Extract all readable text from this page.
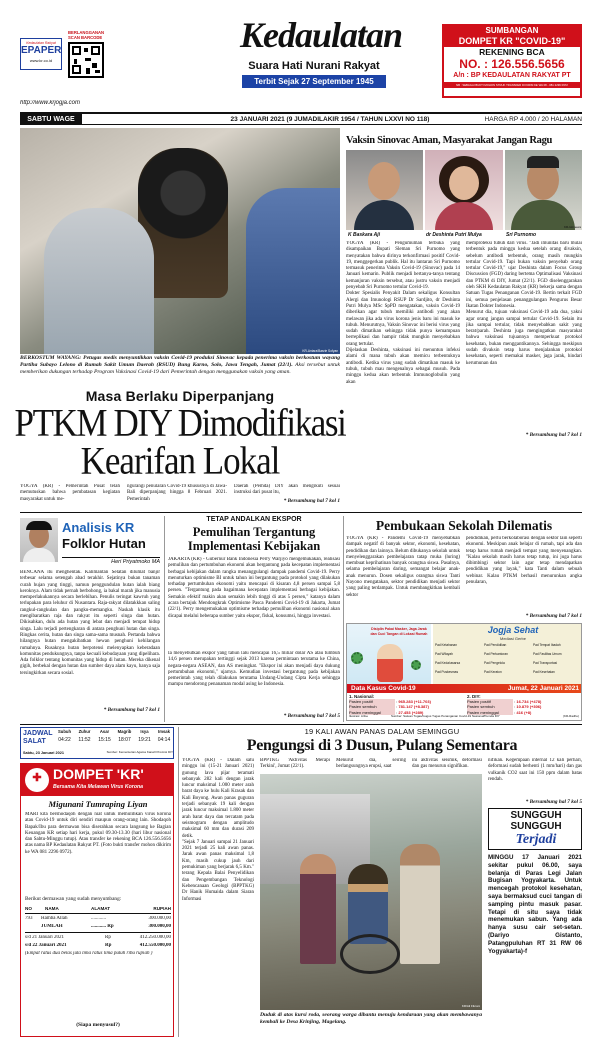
Kedaulatan Rakyat
EPAPER
www.kr.co.id
BERLANGGANAN SCAN BARCODE	Kedaulatan
Suara Hati Nurani Rakyat
Terbit Sejak 27 September 1945
http://www.krjogja.com
SUMBANGAN
DOMPET KR "COVID-19"
REKENING BCA
NO. : 126.556.5656
A/n : BP KEDAULATAN RAKYAT PT
NB : SEBAGAI BUKTI MOHON STRUK TRANSFER DI KIRIM KE WA 08 - 081 2296 0972
SABTU WAGE	23 JANUARI 2021 (9 JUMADILAKIR 1954 / TAHUN LXXVI NO 118)	HARGA RP 4.000 / 20 HALAMAN
KR-Antara/Basrie Sofyan
BERKOSTUM WAYANG: Petugas medis menyuntikkan vaksin Covid-19 produksi Sinovac kepada penerima vaksin berkostum wayang Partiha Subayo Lelono di Rumah Sakit Umum Daerah (RSUD) Bung Karno, Solo, Jawa Tengah, Jumat (22/1). Aksi tersebut untuk memberikan dukungan terhadap Program Vaksinasi Covid-19 dari Pemerintah dengan menggunakan vaksin yang aman.
Vaksin Sinovac Aman, Masyarakat Jangan Ragu
KR-Istimewa
K Baskara Aji	dr Deshinta Putri Mulya	Sri Purnomo
YOGYA (KR) - Pengumuman terbuka yang disampaikan Bupati Sleman Sri Purnomo yang menyatakan bahwa dirinya terkonfirmasi positif Covid-19, menggegerkan publik. Hal itu lantaran Sri Purnomo termasuk penerima Vaksin Covid-19 (Sinovac) pada 14 Januari kemarin. Publik menjadi bertanya-tanya tentang kemanjuran vaksin tersebut, atau justru vaksin menjadi penyebab Sri Purnomo tertular Covid-19.
Dokter Spesialis Penyakit Dalam sekaligus Konsultan Alergi dan Imunologi RSUP Dr Sardjito, dr Deshinta Putri Mulya MSc SpPD mengatakan, vaksin Covid-19 diberikan agar tubuh memiliki antibodi yang akan melawan jika ada virus korona jenis baru ini masuk ke tubuh. Menurutnya, Vaksin Sinovac ini berisi virus yang sudah dimatikan sehingga tidak punya kemampuan berreplikasi dan hampir tidak mungkin menyebabkan orang tertular.
Dijelaskan Deshinta, vaksinasi ini menuntun infeksi alami di mana tubuh akan memicu terbentuknya antibodi. Ketika virus yang sudah dimatikan masuk ke tubuh, tubuh mau mengenalnya sebagai musuh. Pada minggu kedua akan terbentuk Immunoglobulin yang akan
memproteksi tubuh dari virus. "Jadi imunitas baru mulai terbentuk pada minggu kedua setelah orang divaksin, sebelum antibodi terbentuk, orang masih mungkin tertular Covid-19. Tapi bukan vaksin penyebab orang tertular Covid-19," ujar Deshinta dalam Focus Group Discussion (FGD) daring bertema Optimalisasi Vaksinasi dan PTKM di DIY, Jumat (22/1). FGD diselenggarakan oleh SKH Kedaulatan Rakyat (KR) bekerja sama dengan Satuan Tugas Penanganan Covid-19. Bertin terkait FGD ini, semua penjelasan penanggulangan Pengurus Besar Ikatan Dokter Indonesia.
Menurut dia, tujuan vaksinasi Covid-19 ada dua, yakni agar orang jangan sampai tertular Covid-19. Selain itu jika sampai tertular, tidak menyebabkan sakit yang berat/parah. Deshinta juga mengingatkan masyarakat bahwa vaksinasi tujuannya memperkuat protokol kesehatan, bukan menggantikannya. Sehingga meskipun sudah divaksin tetap harus menjalankan protokol kesehatan, seperti memakai masker, jaga jarak, hindari kerumunan dan
* Bersambung hal 7 kol 1
Masa Berlaku Diperpanjang
PTKM DIY Dimodifikasi
Kearifan Lokal
YOGYA (KR) - Pemerintah Pusat telah memutuskan bahwa pembatasan kegiatan masyarakat untuk me-
ngurangi penularan Covid-19 khususnya di Jawa-Bali diperpanjang hingga 8 Februari 2021. Pemerintah
Daerah (Pemda) DIY akan mengikuti sesuai instruksi dari pusat itu,
* Bersambung hal 7 kol 1
Analisis KR
Folklor Hutan
Heri Priyatmoko MA
BENCANA itu menghentak. Kalimantan Selatan dilumat banjir terbesar selama setengah abad terakhir. Sejatinya bukan tanaman curah hujan yang tinggi, namun penggundulan hutan ialah biang keroknya. Alam tidak pernah berbohong, ia bakal marah jika manusia memperlakukannya secara berlebihan. Penulis teringat kawruh yang terlupakan para leluhur di Nusantara. Raja-rakyat dilatakkkan saling rangkul-rangkulan dan pangku-memangku. Naskah klasik itu mengibaratkan raja dan rakyat itu seperti singa dan hutan. Dikisahkan, dulu ada hutan yang lebat dan menjadi tempat hidup singa. Lalu terjadi pertengkaran di antara penghuni hutan dan singa. Ringkas cerita, hutan dan singa sama-sama musnah. Pertanda bahwa hilangnya hutan mengakibatkan hewan penghuni kehilangan rumahnya. Rusaknya hutan berpotensi melenyapkan keberadaan komunitas pendukungnya, tanpa kecuali kebudayaan yang dipelihara. Ada folklor tentang komunitas yang hidup di hutan. Mereka dikenal gigih, berbekal dengan hutan dan sumber daya alam kayu, hanya saja tersingkirkan secara sosial.
* Bersambung hal 7 kol 1
TETAP ANDALKAN EKSPOR
Pemulihan Tergantung Implementasi Kebijakan
JAKARTA (KR) - Gubernur Bank Indonesia Perry Warjiyo mengemukakan, realisasi pemulihan dan pertumbuhan ekonomi akan bergantung pada kecepatan implementasi berbagai kebijakan dalam rangka menanggulangi dampak pandemi Covid-19. Perry menuturkan optimisme BI untuk tahun ini bergantung pada protokol yang dilakukan terhadap pertumbuhan ekonomi yaitu mencapai di kisaran 4,8 persen sampai 5,8 persen. "Tergantung pada bagaimana kecepatan implementasi berbagai kebijakan. Semakin efektif makin akan semakin lebih tinggi di atas 5 persen," katanya dalam acara bertajuk Mendongkrak Optimisme Pasca Pandemi Covid-19 di Jakarta, Jumat (22/1). Perry mengemukakan optimisme terhadap pemulihan ekonomi nasional akan dicapai melalui beberapa sumber yaitu ekspor, fiskal, konsumsi, hingga investasi.
Ia menyebutkan ekspor yang tahun lalu mencapai 16,5 miliar dolar AS atau tumbuh 14,6 persen merupakan tertinggi sejak 2013 karena permintaan terutama ke China, negara-negara ASEAN, dan AS meningkat. "Ekspor ini akan menjadi daya dukung pertumbuhan ekonomi," ujarnya. Kemudian investasi bergantung pada kebijakan pemerintah yang telah dilakukan terutama Undang-Undang Cipta Kerja sehingga mampu mendorong penanaman modal asing ke Indonesia.
* Bersambung hal 7 kol 5
Pembukaan Sekolah Dilematis
YOGYA (KR) - Pandemi Covid-19 menyebabkan dampak negatif di banyak sektor, ekonomi, kesehatan, pendidikan dan lainnya. Belum dibukanya sekolah untuk menyelenggarakan pembelajaran tatap muka (luring) membuat keprihatinan banyak orangtua siswa. Pasalnya, selama pembelajaran daring, semangat belajar anak-anak menurun. Dosen sekaligus orangtua siswa Tanti Nayono mengatakan, sektor pendidikan menjadi sektor yang paling terdampak. Untuk membangkitkan kembali sektor
pendidikan, perlu berkolaborasi dengan sektor lain seperti ekonomi. Meskipun anak belajar di rumah, tapi ada dan tetap harus rumah menjadi tempat yang menyenangkan. "Kalau sekolah masih harus tetap tutup, ini juga harus dibimbingi sektor lain agar tetap mendapatkan pendidikan yang layak," kata Tanti dalam sebuah webinar. Kalau PTKM berhasil menurunkan angka penularan,
* Bersambung hal 7 kol 1
Disiplin Pakai Masker, Jaga Jarak dan Cuci Tangan di Lokasi Rumah	Jogja Sehat
Mediasi Gerbe
Pad Ketahanan
Pad Wilayah
Pad Kedaluwarsa
Pad Puskesmas
Pad Pendidikan
Pad Perkantoran
Pad Pengelola
Pad Keraton
Pad Tempat Ibadah
Pad Fasilitas Umum
Pad Transportasi
Pad Kesehatan
Data Kasus Covid-19	Jumat, 22 Januari 2021
1. Nasional:
Pasien positif	: 965.283 (+11.703)
Pasien sembuh	: 781.147 (+8.387)
Pasien meninggal	: 27.453 (+289)
2. DIY:
Pasien positif	: 16.734 (+478)
Pasien sembuh	: 10.879 (+306)
Pasien meninggal	: 416 (+8)
Ilustrasi: Arfoe	Sumber: Satuan Tugas/Gugus Tugas Penanganan Covid-19 Nasional/Pemda DIY	(KR-Radhu)
JADWAL SALAT
Subuh	Zuhur	Asar	Magrib	Isya	Imsak
04:22	11:52	15:15	18:07	19:21	04:14
Sabtu, 23 Januari 2021	Sumber: Kementerian Agama Kanwil Provinsi DIY
✚ DOMPET 'KR'
Bersama Kita Melawan Virus Korona
Migunani Tumraping Liyan
MARI kita bershodaqoh dengan niat untuk memulihkan virus korona atau Covid-19 untuk diri sendiri maupun orang-orang lain. Shodaqoh Bapak/Ibu para dermawan bisa diserahkan secara langsung ke Bagian Keuangan KR setiap hari kerja, pukul 09.30-13.30 (hari libur nasional dan Sabtu-Minggu tutup). Atau transfer ke rekening BCA 126.556.5656 atas nama BP Kedaulatan Rakyat PT. (Foto bukti transfer mohon dikirim ke WA 081 2296 0972).
Berikut dermawan yang sudah menyumbang:
NO	NAMA	ALAMAT	RUPIAH
793	Hamba Allah	............	300.000,00
JUMLAH	............ Rp	300.000,00
s/d 21 Januari 2021	Rp	412.250.000,00
s/d 22 Januari 2021	Rp	412.550.000,00
(Empat ratus dua belas juta lima ratus lima puluh ribu rupiah )
(Siapa menyusul?)
19 KALI AWAN PANAS DALAM SEMINGGU
Pengungsi di 3 Dusun, Pulang Sementara
YOGYA (KR) - Dalam satu minggu ini (15-21 Januari 2021) gunung lava pijar teramati sebanyak 282 kali dengan jarak luncur maksimal 1.000 meter arah barat daya ke hulu Kali Krasak dan Kali Boyong. Awan panas guguran terjadi sebanyak 19 kali dengan jarak luncur maksimal 1.800 meter arah barat daya dan tercatam pada seismogram dengan amplitudo maksimal 60 mm dan durasi 209 detik.
"Sejak 7 Januari sampai 21 Januari 2021 terjadi 25 kali awan panas. Jarak awan panas maksimal 1,8 Km, masih cukup jauh dari pemukiman yang berjarak 6,5 Km." terang Kepala Balai Penyelidikan dan Pengembangan Teknologi Kebencanaan Geologi (BPPTKG) Dr Hanik Humaida dalam Siaran Informasi
BPPTKG 'Aktivitas Merapi Terkini', Jumat (22/1).
Menurut dia, seiring berlangsungnya erupsi, saat
ini aktivitas seismik, deformasi dan gas menurun signifikan.
nifikan. Kegempaan internal 12 kali perhari, deformasi sudah berhenti (1 mm/hari) dan gas vulkanik CO2 saat ini 150 ppm dalam batas rendah.
* Bersambung hal 7 kol 5
KR/Ali Fikroni
Duduk di atas kursi roda, seorang warga dibantu menuju kendaraan yang akan membawanya kembali ke Desa Krinjing, Magelang.
SUNGGUH
SUNGGUH
Terjadi
MINGGU 17 Januari 2021 sekitar pukul 06.00, saya belanja di Paras Legi Jalan Bugisan Yogyakarta. Untuk mencegah protokol kesehatan, saya bermaksud cuci tangan di samping pintu masuk pasar. Tetapi di situ saya tidak menemukan sabun. Yang ada hanya susu cair set-setan. (Dariyo Gistanto, Patangpuluhan RT 31 RW 06 Yogyakarta)-f
